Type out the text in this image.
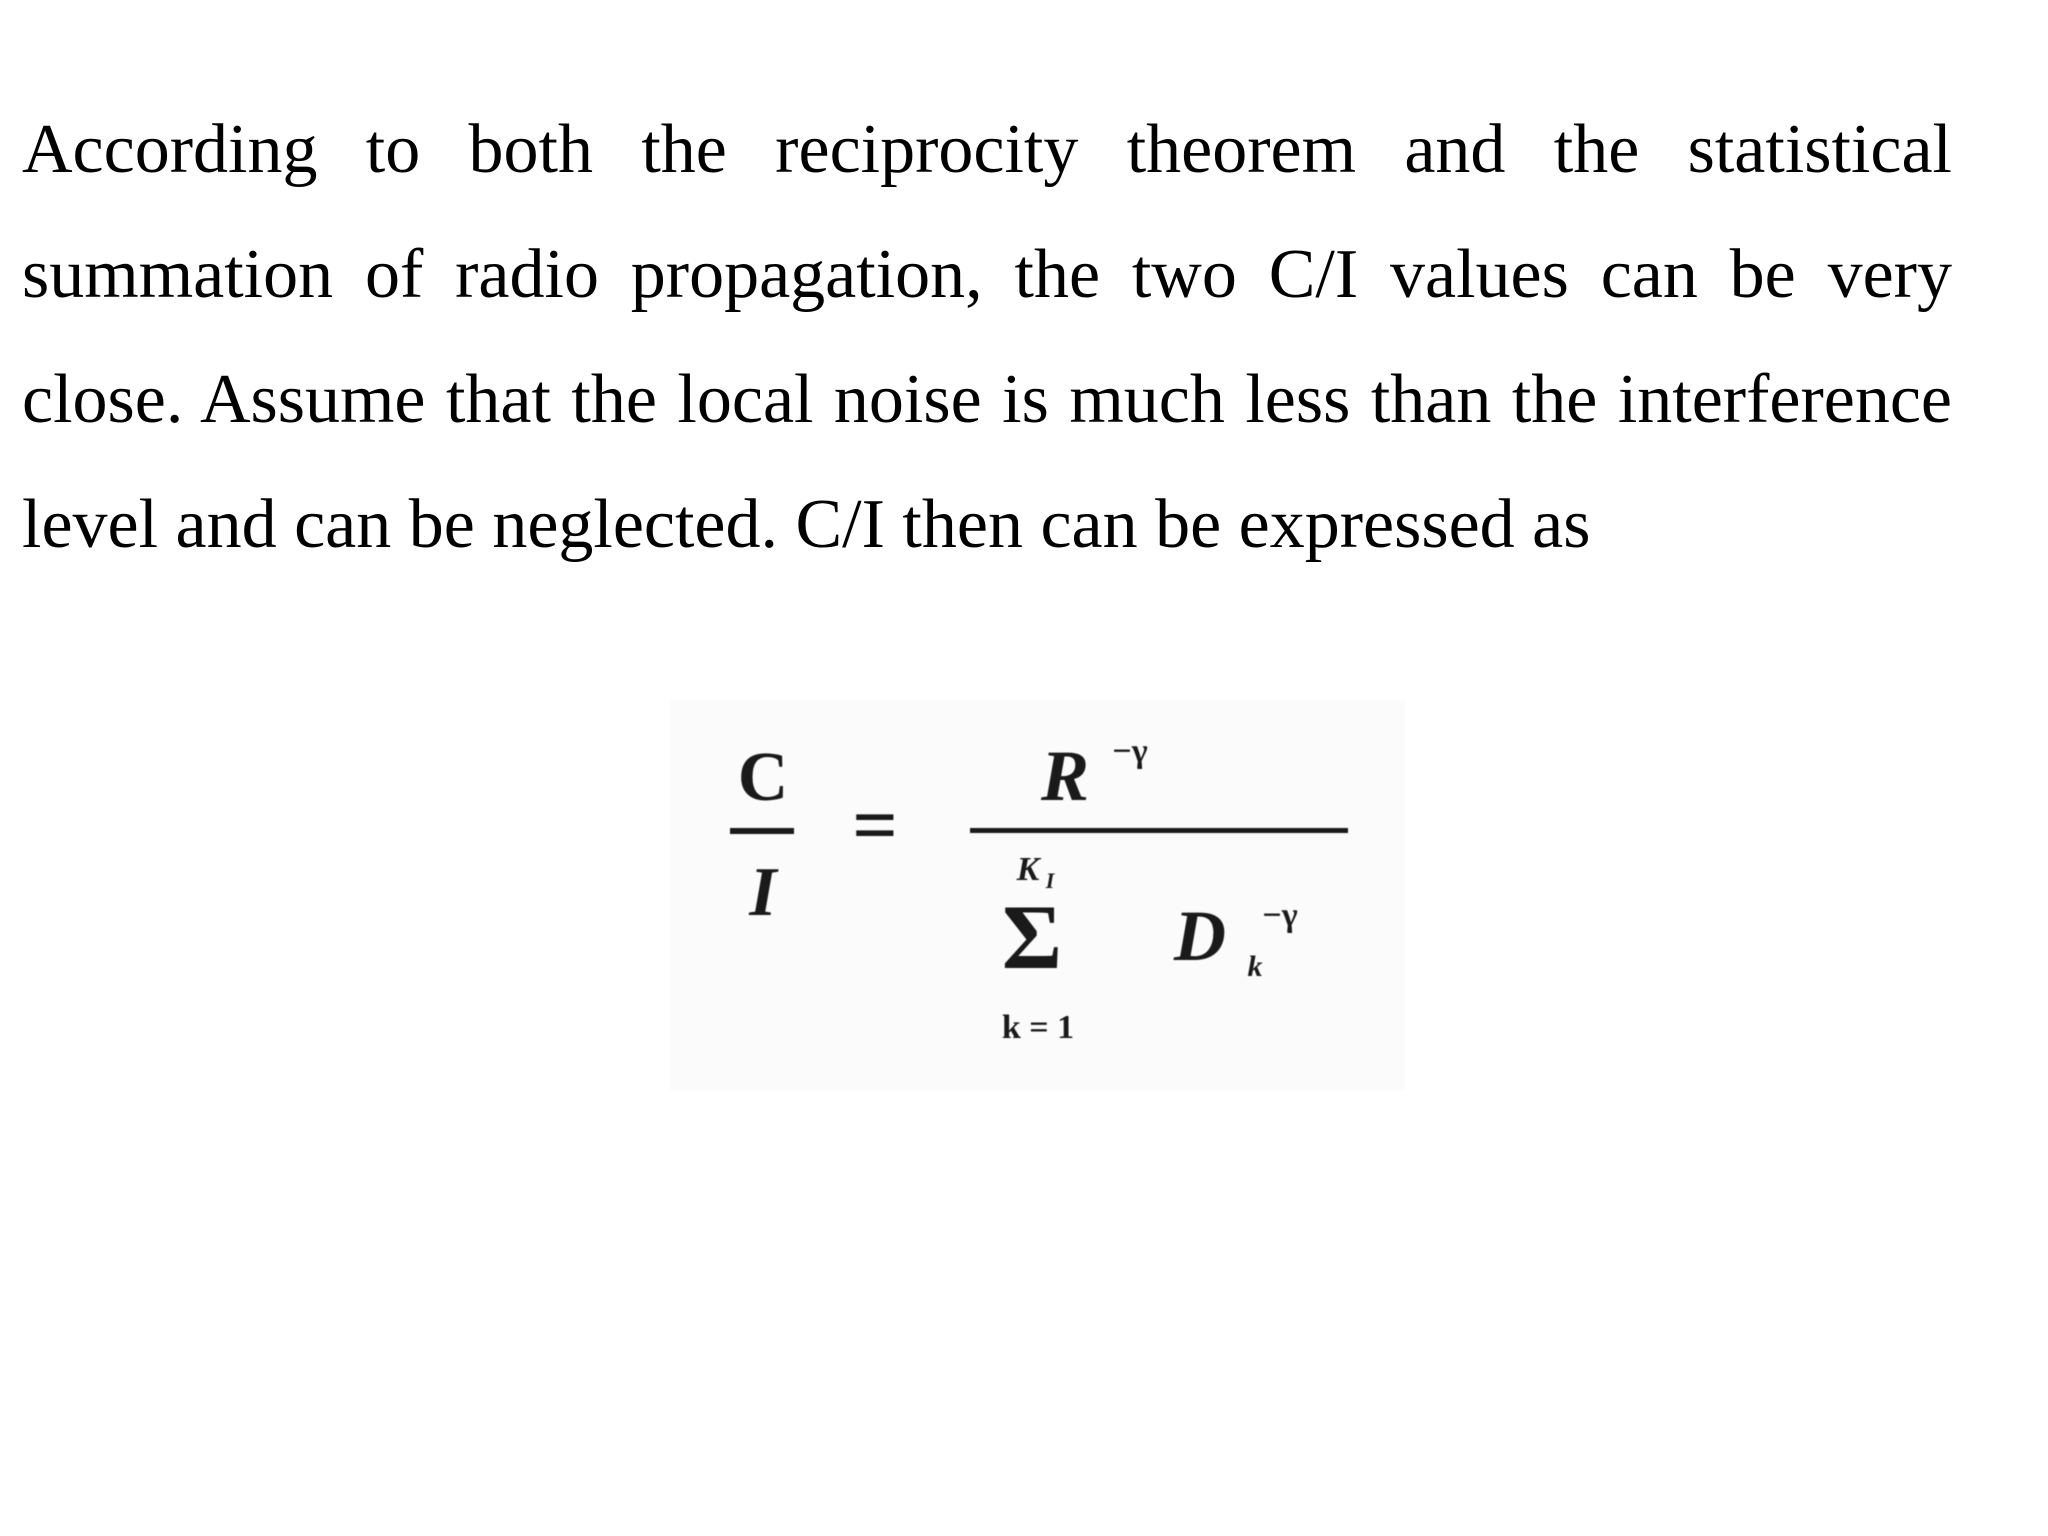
According to both the reciprocity theorem and the statistical
summation of radio propagation, the two C/I values can be very
close. Assume that the local noise is much less than the interference
level and can be neglected. C/I then can be expressed as
C
I
=
R −γ
K I
Σ
k = 1
D k
−γ
